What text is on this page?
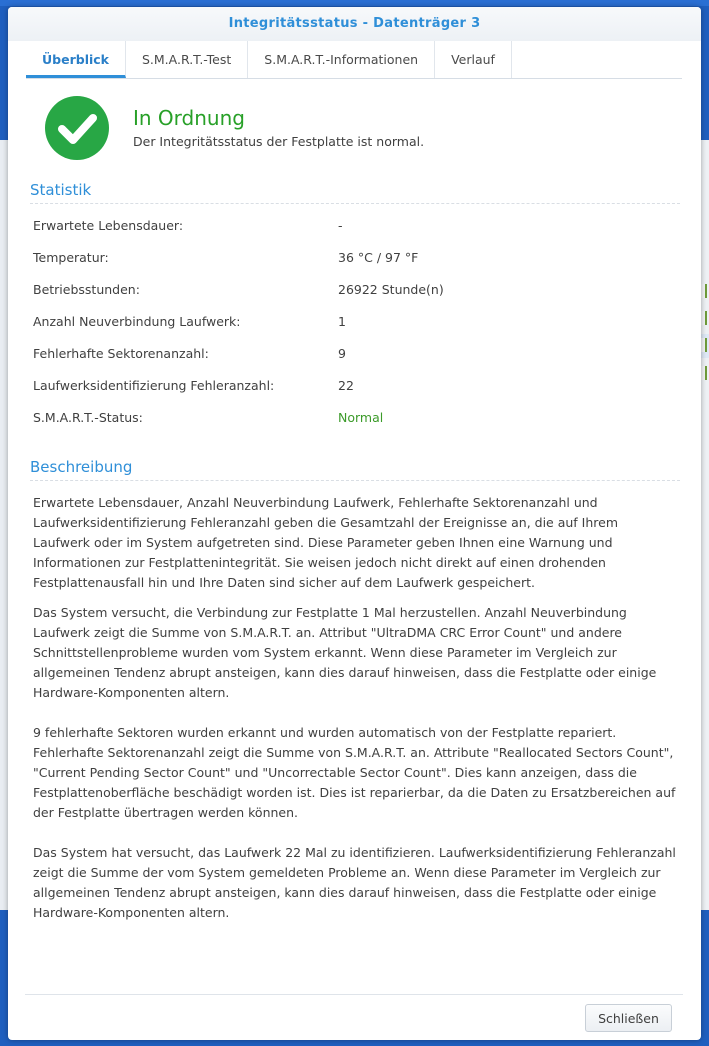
Integritätsstatus - Datenträger 3
Überblick	S.M.A.R.T.-Test	S.M.A.R.T.-Informationen	Verlauf
In Ordnung
Der Integritätsstatus der Festplatte ist normal.
Statistik
Erwartete Lebensdauer:	-
Temperatur:	36 °C / 97 °F
Betriebsstunden:	26922 Stunde(n)
Anzahl Neuverbindung Laufwerk:	1
Fehlerhafte Sektorenanzahl:	9
Laufwerksidentifizierung Fehleranzahl:	22
S.M.A.R.T.-Status:	Normal
Beschreibung

Erwartete Lebensdauer, Anzahl Neuverbindung Laufwerk, Fehlerhafte Sektorenanzahl und Laufwerksidentifizierung Fehleranzahl geben die Gesamtzahl der Ereignisse an, die auf Ihrem Laufwerk oder im System aufgetreten sind. Diese Parameter geben Ihnen eine Warnung und Informationen zur Festplattenintegrität. Sie weisen jedoch nicht direkt auf einen drohenden Festplattenausfall hin und Ihre Daten sind sicher auf dem Laufwerk gespeichert.

Das System versucht, die Verbindung zur Festplatte 1 Mal herzustellen. Anzahl Neuverbindung Laufwerk zeigt die Summe von S.M.A.R.T. an. Attribut "UltraDMA CRC Error Count" und andere Schnittstellenprobleme wurden vom System erkannt. Wenn diese Parameter im Vergleich zur allgemeinen Tendenz abrupt ansteigen, kann dies darauf hinweisen, dass die Festplatte oder einige Hardware-Komponenten altern.

9 fehlerhafte Sektoren wurden erkannt und wurden automatisch von der Festplatte repariert. Fehlerhafte Sektorenanzahl zeigt die Summe von S.M.A.R.T. an. Attribute "Reallocated Sectors Count", "Current Pending Sector Count" und "Uncorrectable Sector Count". Dies kann anzeigen, dass die Festplattenoberfläche beschädigt worden ist. Dies ist reparierbar, da die Daten zu Ersatzbereichen auf der Festplatte übertragen werden können.

Das System hat versucht, das Laufwerk 22 Mal zu identifizieren. Laufwerksidentifizierung Fehleranzahl zeigt die Summe der vom System gemeldeten Probleme an. Wenn diese Parameter im Vergleich zur allgemeinen Tendenz abrupt ansteigen, kann dies darauf hinweisen, dass die Festplatte oder einige Hardware-Komponenten altern.

Schließen
